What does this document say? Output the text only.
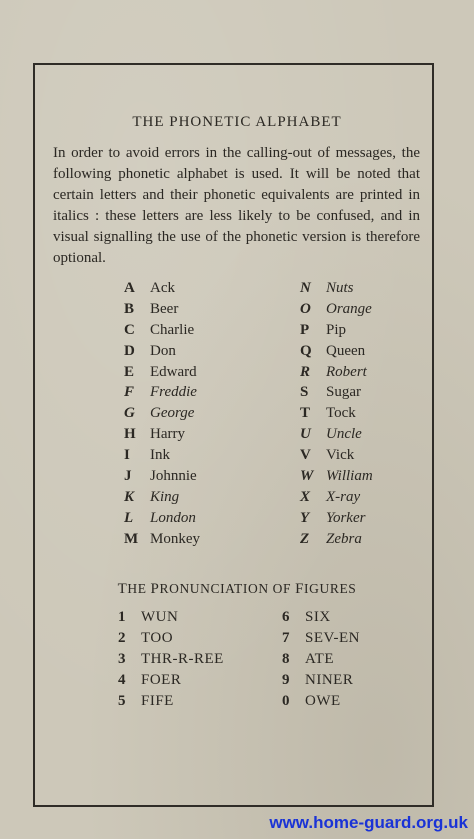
THE PHONETIC ALPHABET
In order to avoid errors in the calling-out of messages, the following phonetic alphabet is used. It will be noted that certain letters and their phonetic equivalents are printed in italics : these letters are less likely to be confused, and in visual signalling the use of the phonetic version is therefore optional.
A Ack
B Beer
C Charlie
D Don
E Edward
F Freddie
G George
H Harry
I Ink
J Johnnie
K King
L London
M Monkey
N Nuts
O Orange
P Pip
Q Queen
R Robert
S Sugar
T Tock
U Uncle
V Vick
W William
X X-ray
Y Yorker
Z Zebra
THE PRONUNCIATION OF FIGURES
1 WUN
2 TOO
3 THR-R-REE
4 FOER
5 FIFE
6 SIX
7 SEV-EN
8 ATE
9 NINER
0 OWE
www.home-guard.org.uk
